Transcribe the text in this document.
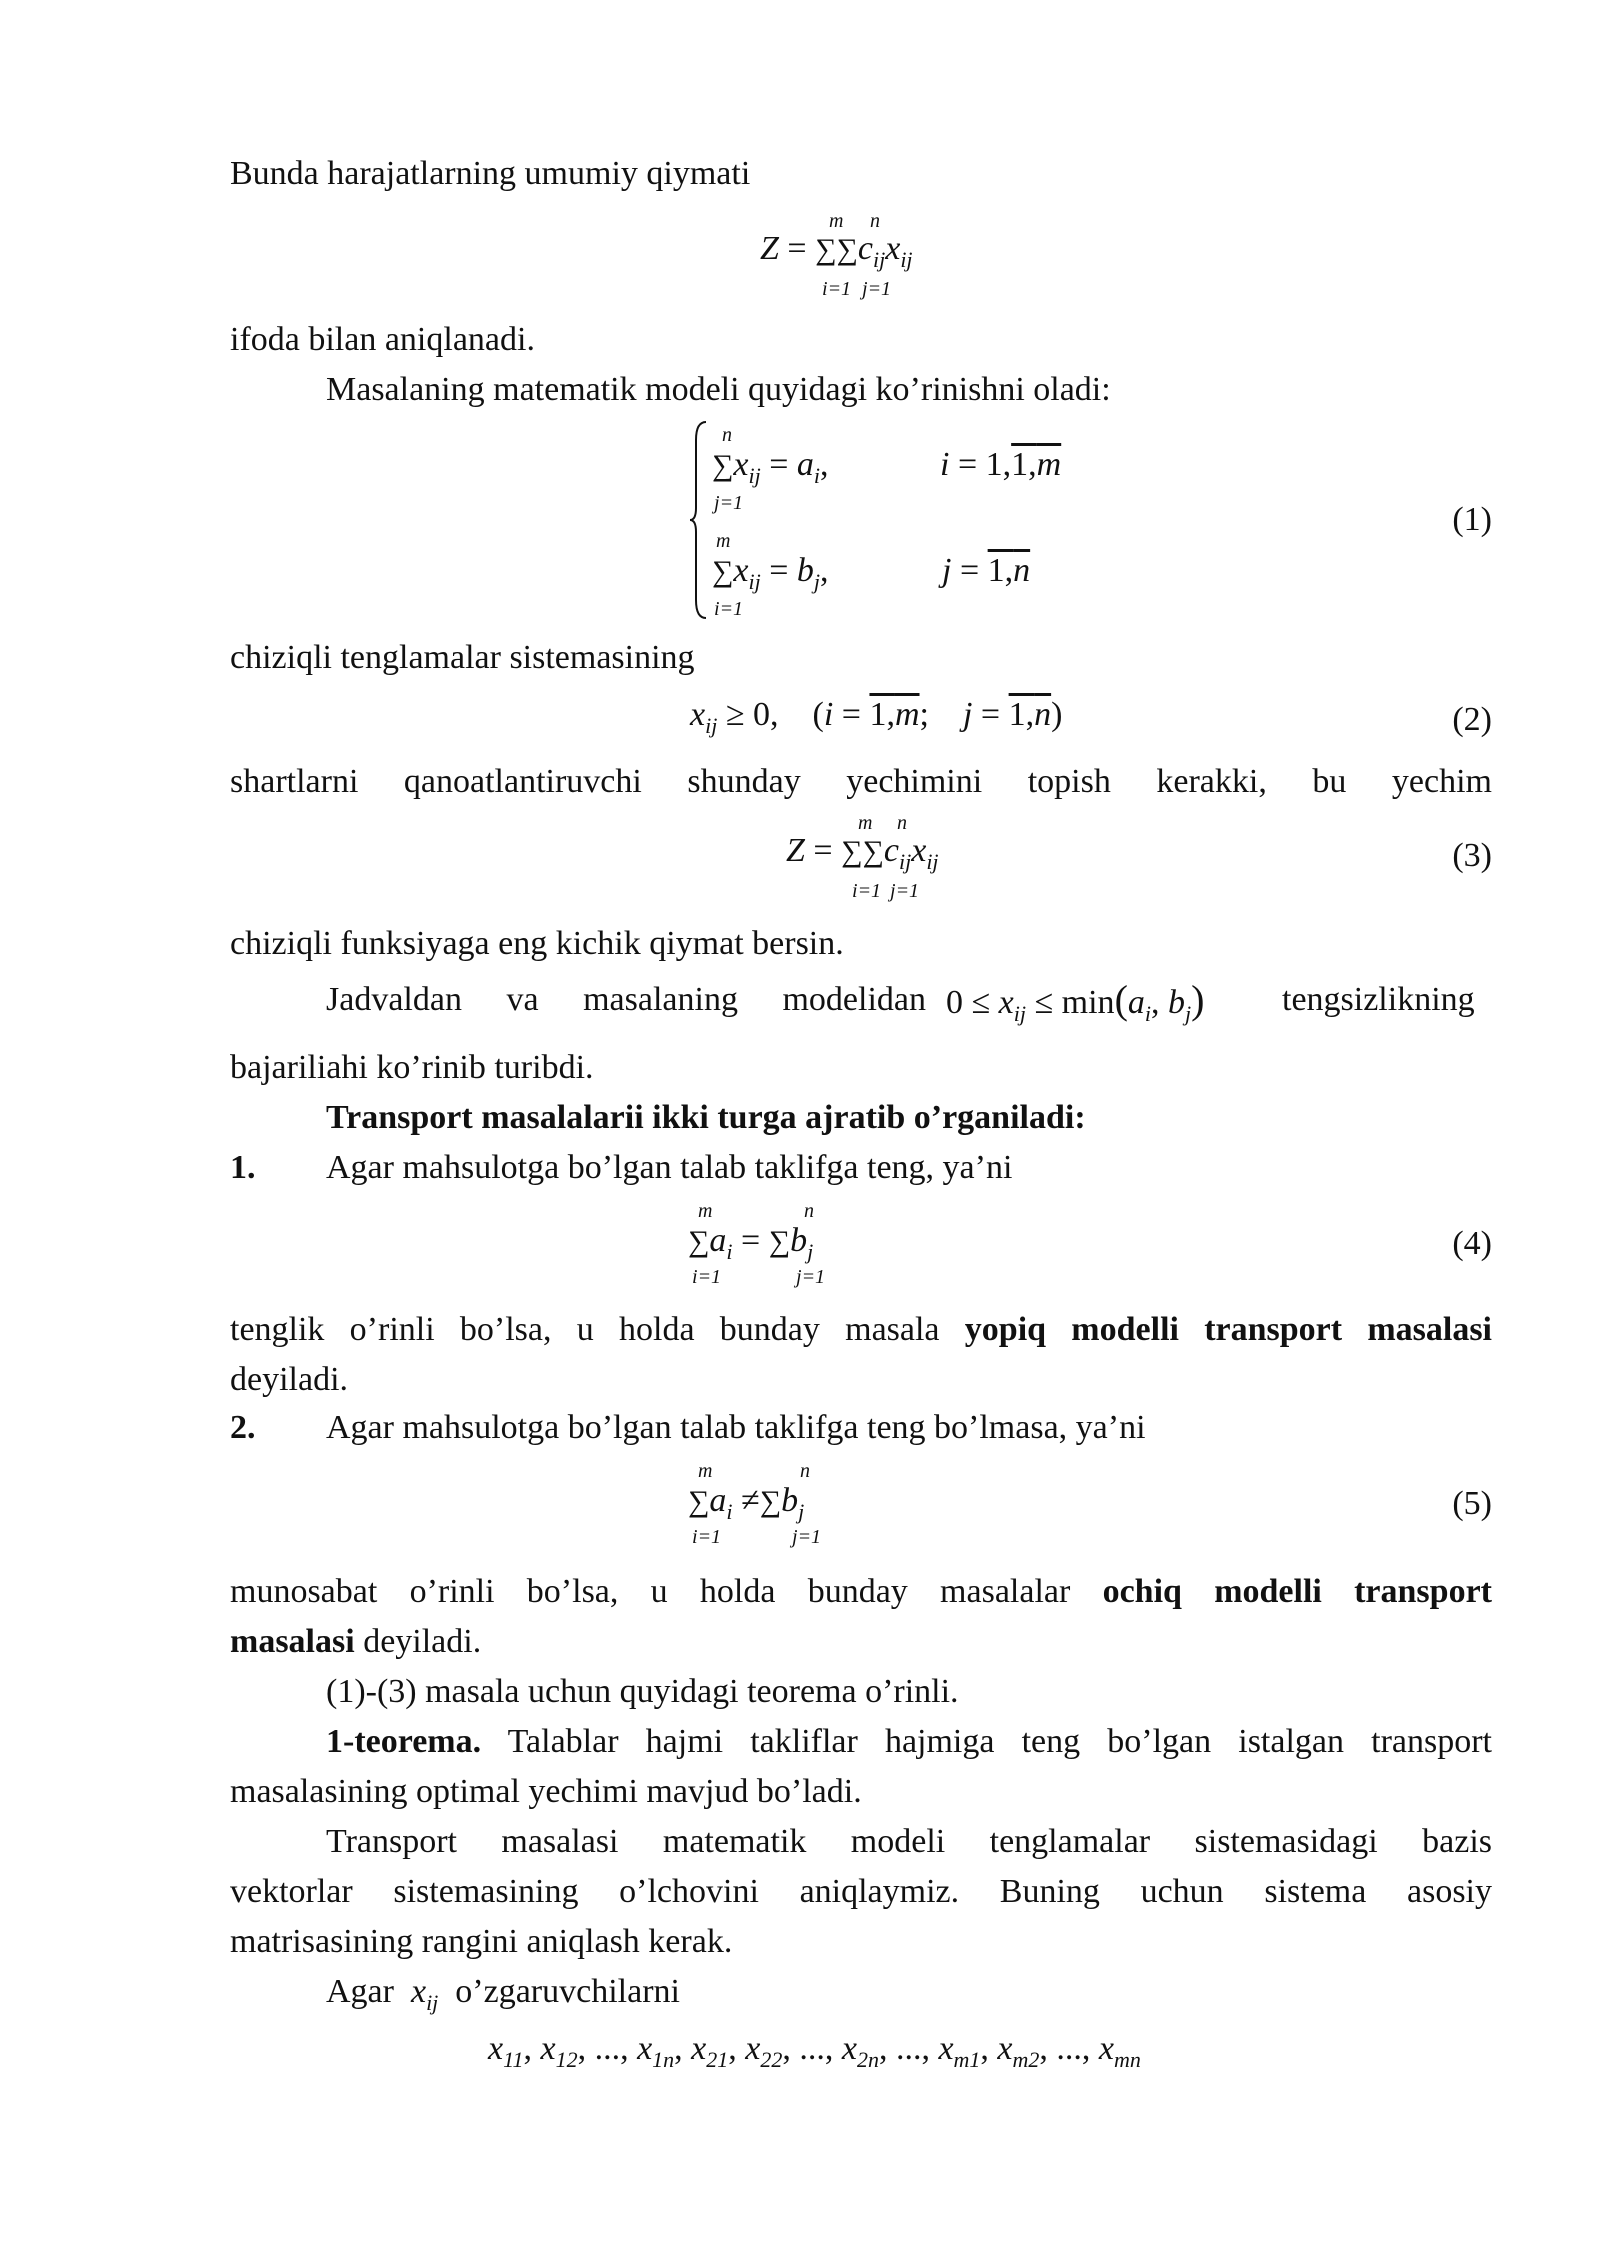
Bunda harajatlarning umumiy qiymati
m n
$Z = \sum\sum c_{ij}x_{ij}$
i=1 j=1
ifoda bilan aniqlanadi.
Masalaning matematik modeli quyidagi ko’rinishni oladi:
n
$\sum x_{ij} = a_i$,	i = 1,1,m
j=1
m
$\sum x_{ij} = b_j$,	j = 1,n
i=1
(1)
chiziqli tenglamalar sistemasining
$x_{ij} \ge 0$,    (i = 1,m;    j = 1,n)	(2)
shartlarni qanoatlantiruvchi shunday yechimini topish kerakki, bu yechim
m n
$Z = \sum\sum c_{ij}x_{ij}$
i=1 j=1
(3)
chiziqli funksiyaga eng kichik qiymat bersin.
Jadvaldan va masalaning modelidan $0 \le x_{ij} \le \min(a_i$, $b_j$) tengsizlikning
bajariliahi ko’rinib turibdi.
Transport masalalarii ikki turga ajratib o’rganiladi:
1. Agar mahsulotga bo’lgan talab taklifga teng, ya’ni
m	n
$\sum a_i = \sum b_j$
i=1	j=1
(4)
tenglik o’rinli bo’lsa, u holda bunday masala yopiq modelli transport masalasi
deyiladi.
2. Agar mahsulotga bo’lgan talab taklifga teng bo’lmasa, ya’ni
m	n
$\sum a_i \ne\sum b_j$
i=1	j=1
(5)
munosabat o’rinli bo’lsa, u holda bunday masalalar ochiq modelli transport
masalasi deyiladi.
(1)-(3) masala uchun quyidagi teorema o’rinli.
1-teorema. Talablar hajmi takliflar hajmiga teng bo’lgan istalgan transport
masalasining optimal yechimi mavjud bo’ladi.
Transport masalasi matematik modeli tenglamalar sistemasidagi bazis
vektorlar sistemasining o’lchovini aniqlaymiz. Buning uchun sistema asosiy
matrisasining rangini aniqlash kerak.
Agar $x_{ij}$ o’zgaruvchilarni
$x_{11}$, $x_{12}$, ..., $x_{1n}$, $x_{21}$, $x_{22}$, ..., $x_{2n}$, ..., $x_{m1}$, $x_{m2}$, ..., $x_{mn}$
